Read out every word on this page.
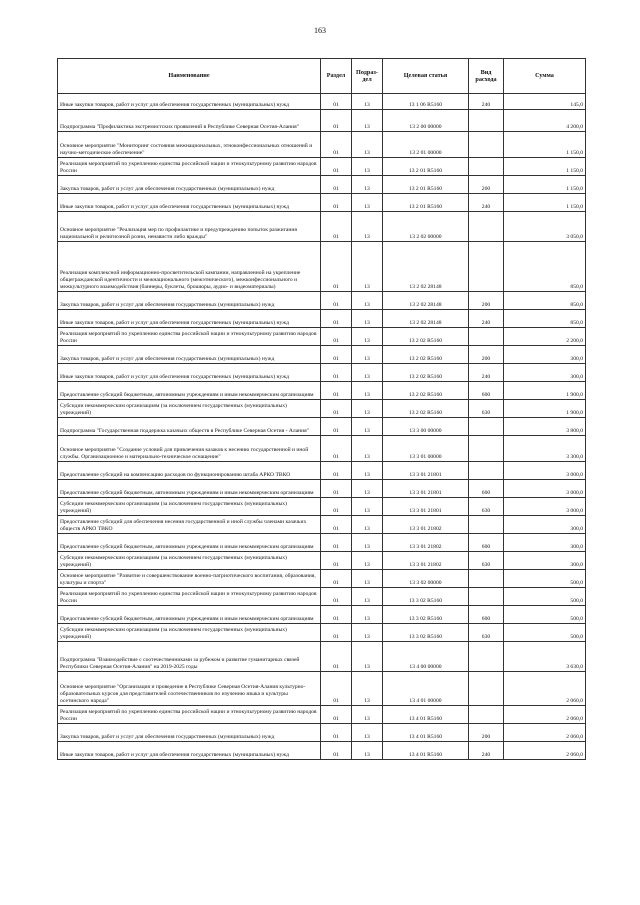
163
Наименование	Раздел	Подраз-дел	Целевая статья	Вид расхода	Сумма
Иные закупки товаров, работ и услуг для обеспечения государственных (муниципальных) нужд	01	13	13 1 06 R5160	240	145,0
Подпрограмма "Профилактика экстремистских проявлений в Республике Северная Осетия-Алания"	01	13	13 2 00 00000		4 200,0
Основное мероприятие "Мониторинг состояния межнациональных, этноконфессиональных отношений и научно-методическое обеспечение"	01	13	13 2 01 00000		1 150,0
Реализация мероприятий по укреплению единства российской нации и этнокультурному развитию народов России	01	13	13 2 01 R5160		1 150,0
Закупка товаров, работ и услуг для обеспечения государственных (муниципальных) нужд	01	13	13 2 01 R5160	200	1 150,0
Иные закупки товаров, работ и услуг для обеспечения государственных (муниципальных) нужд	01	13	13 2 01 R5160	240	1 150,0
Основное мероприятие "Реализация мер по профилактике и предупреждению попыток разжигания национальной и религиозной розни, ненависти либо вражды"	01	13	13 2 02 00000		3 050,0
Реализация комплексной информационно-просветительской кампании, направленной на укрепление общегражданской идентичности и межнационального (межэтнического), межконфессионального и межкультурного взаимодействия (баннеры, буклеты, брошюры, аудио- и видеоматериалы)	01	13	13 2 02 28148		850,0
Закупка товаров, работ и услуг для обеспечения государственных (муниципальных) нужд	01	13	13 2 02 28148	200	850,0
Иные закупки товаров, работ и услуг для обеспечения государственных (муниципальных) нужд	01	13	13 2 02 28148	240	850,0
Реализация мероприятий по укреплению единства российской нации и этнокультурному развитию народов России	01	13	13 2 02 R5160		2 200,0
Закупка товаров, работ и услуг для обеспечения государственных (муниципальных) нужд	01	13	13 2 02 R5160	200	300,0
Иные закупки товаров, работ и услуг для обеспечения государственных (муниципальных) нужд	01	13	13 2 02 R5160	240	300,0
Предоставление субсидий бюджетным, автономным учреждениям и иным некоммерческим организациям	01	13	13 2 02 R5160	600	1 900,0
Субсидии некоммерческим организациям (за исключением государственных (муниципальных) учреждений)	01	13	13 2 02 R5160	630	1 900,0
Подпрограмма "Государственная поддержка казачьих обществ в Республике Северная Осетия - Алания"	01	13	13 3 00 00000		3 800,0
Основное мероприятие "Создание условий для привлечения казаков к несению государственной и иной службы. Организационное и материально-техническое оснащение"	01	13	13 3 01 00000		3 300,0
Предоставление субсидий на компенсацию расходов по функционированию штаба АРКО ТВКО	01	13	13 3 01 21801		3 000,0
Предоставление субсидий бюджетным, автономным учреждениям и иным некоммерческим организациям	01	13	13 3 01 21801	600	3 000,0
Субсидии некоммерческим организациям (за исключением государственных (муниципальных) учреждений)	01	13	13 3 01 21801	630	3 000,0
Предоставление субсидий для обеспечения несения государственной и иной службы членами казачьих обществ АРКО ТВКО	01	13	13 3 01 21802		300,0
Предоставление субсидий бюджетным, автономным учреждениям и иным некоммерческим организациям	01	13	13 3 01 21802	600	300,0
Субсидии некоммерческим организациям (за исключением государственных (муниципальных) учреждений)	01	13	13 3 01 21802	630	300,0
Основное мероприятие "Развитие и совершенствование военно-патриотического воспитания, образования, культуры и спорта"	01	13	13 3 02 00000		500,0
Реализация мероприятий по укреплению единства российской нации и этнокультурному развитию народов России	01	13	13 3 02 R5160		500,0
Предоставление субсидий бюджетным, автономным учреждениям и иным некоммерческим организациям	01	13	13 3 02 R5160	600	500,0
Субсидии некоммерческим организациям (за исключением государственных (муниципальных) учреждений)	01	13	13 3 02 R5160	630	500,0
Подпрограмма "Взаимодействие с соотечественниками за рубежом и развитие гуманитарных связей Республики Северная Осетия-Алания" на 2019-2025 годы	01	13	13 4 00 00000		3 630,0
Основное мероприятие "Организация и проведение в Республике Северная Осетия-Алания культурно-образовательных курсов для представителей соотечественников по изучению языка и культуры осетинского народа"	01	13	13 4 01 00000		2 060,0
Реализация мероприятий по укреплению единства российской нации и этнокультурному развитию народов России	01	13	13 4 01 R5160		2 060,0
Закупка товаров, работ и услуг для обеспечения государственных (муниципальных) нужд	01	13	13 4 01 R5160	200	2 060,0
Иные закупки товаров, работ и услуг для обеспечения государственных (муниципальных) нужд	01	13	13 4 01 R5160	240	2 060,0
